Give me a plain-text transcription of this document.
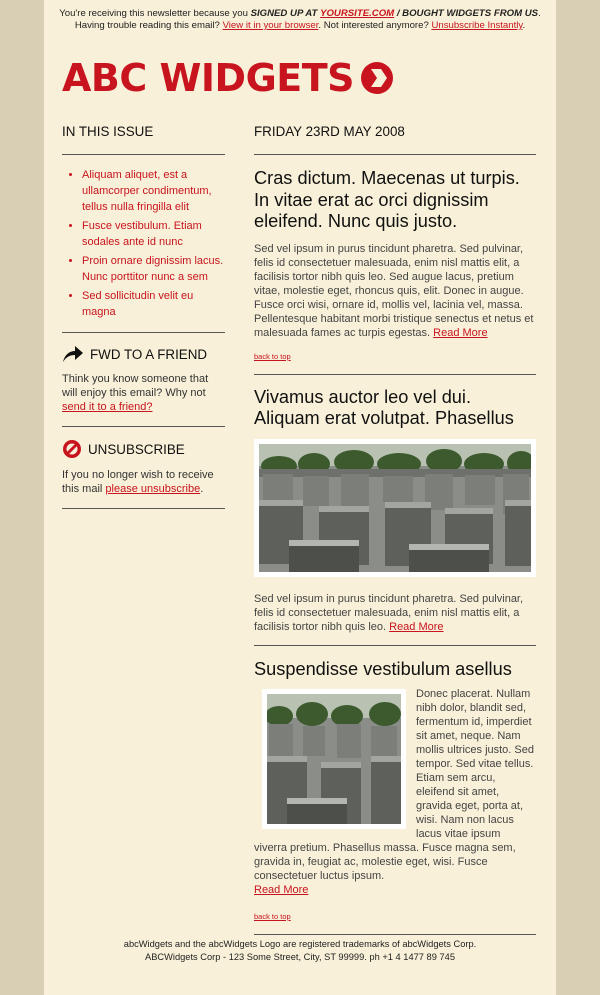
You're receiving this newsletter because you SIGNED UP AT YOURSITE.COM / BOUGHT WIDGETS FROM US.
Having trouble reading this email? View it in your browser. Not interested anymore? Unsubscribe Instantly.
ABC WIDGETS
IN THIS ISSUE
• Aliquam aliquet, est a ullamcorper condimentum, tellus nulla fringilla elit
• Fusce vestibulum. Etiam sodales ante id nunc
• Proin ornare dignissim lacus. Nunc porttitor nunc a sem
• Sed sollicitudin velit eu magna
FWD TO A FRIEND
Think you know someone that will enjoy this email? Why not send it to a friend?
UNSUBSCRIBE
If you no longer wish to receive this mail please unsubscribe.
FRIDAY 23RD MAY 2008
Cras dictum. Maecenas ut turpis. In vitae erat ac orci dignissim eleifend. Nunc quis justo.
Sed vel ipsum in purus tincidunt pharetra. Sed pulvinar, felis id consectetuer malesuada, enim nisl mattis elit, a facilisis tortor nibh quis leo. Sed augue lacus, pretium vitae, molestie eget, rhoncus quis, elit. Donec in augue. Fusce orci wisi, ornare id, mollis vel, lacinia vel, massa. Pellentesque habitant morbi tristique senectus et netus et malesuada fames ac turpis egestas. Read More
back to top
Vivamus auctor leo vel dui. Aliquam erat volutpat. Phasellus
Sed vel ipsum in purus tincidunt pharetra. Sed pulvinar, felis id consectetuer malesuada, enim nisl mattis elit, a facilisis tortor nibh quis leo. Read More
Suspendisse vestibulum asellus
Donec placerat. Nullam nibh dolor, blandit sed, fermentum id, imperdiet sit amet, neque. Nam mollis ultrices justo. Sed tempor. Sed vitae tellus. Etiam sem arcu, eleifend sit amet, gravida eget, porta at, wisi. Nam non lacus lacus vitae ipsum viverra pretium. Phasellus massa. Fusce magna sem, gravida in, feugiat ac, molestie eget, wisi. Fusce consectetuer luctus ipsum.
Read More
back to top
abcWidgets and the abcWidgets Logo are registered trademarks of abcWidgets Corp.
ABCWidgets Corp - 123 Some Street, City, ST 99999. ph +1 4 1477 89 745
